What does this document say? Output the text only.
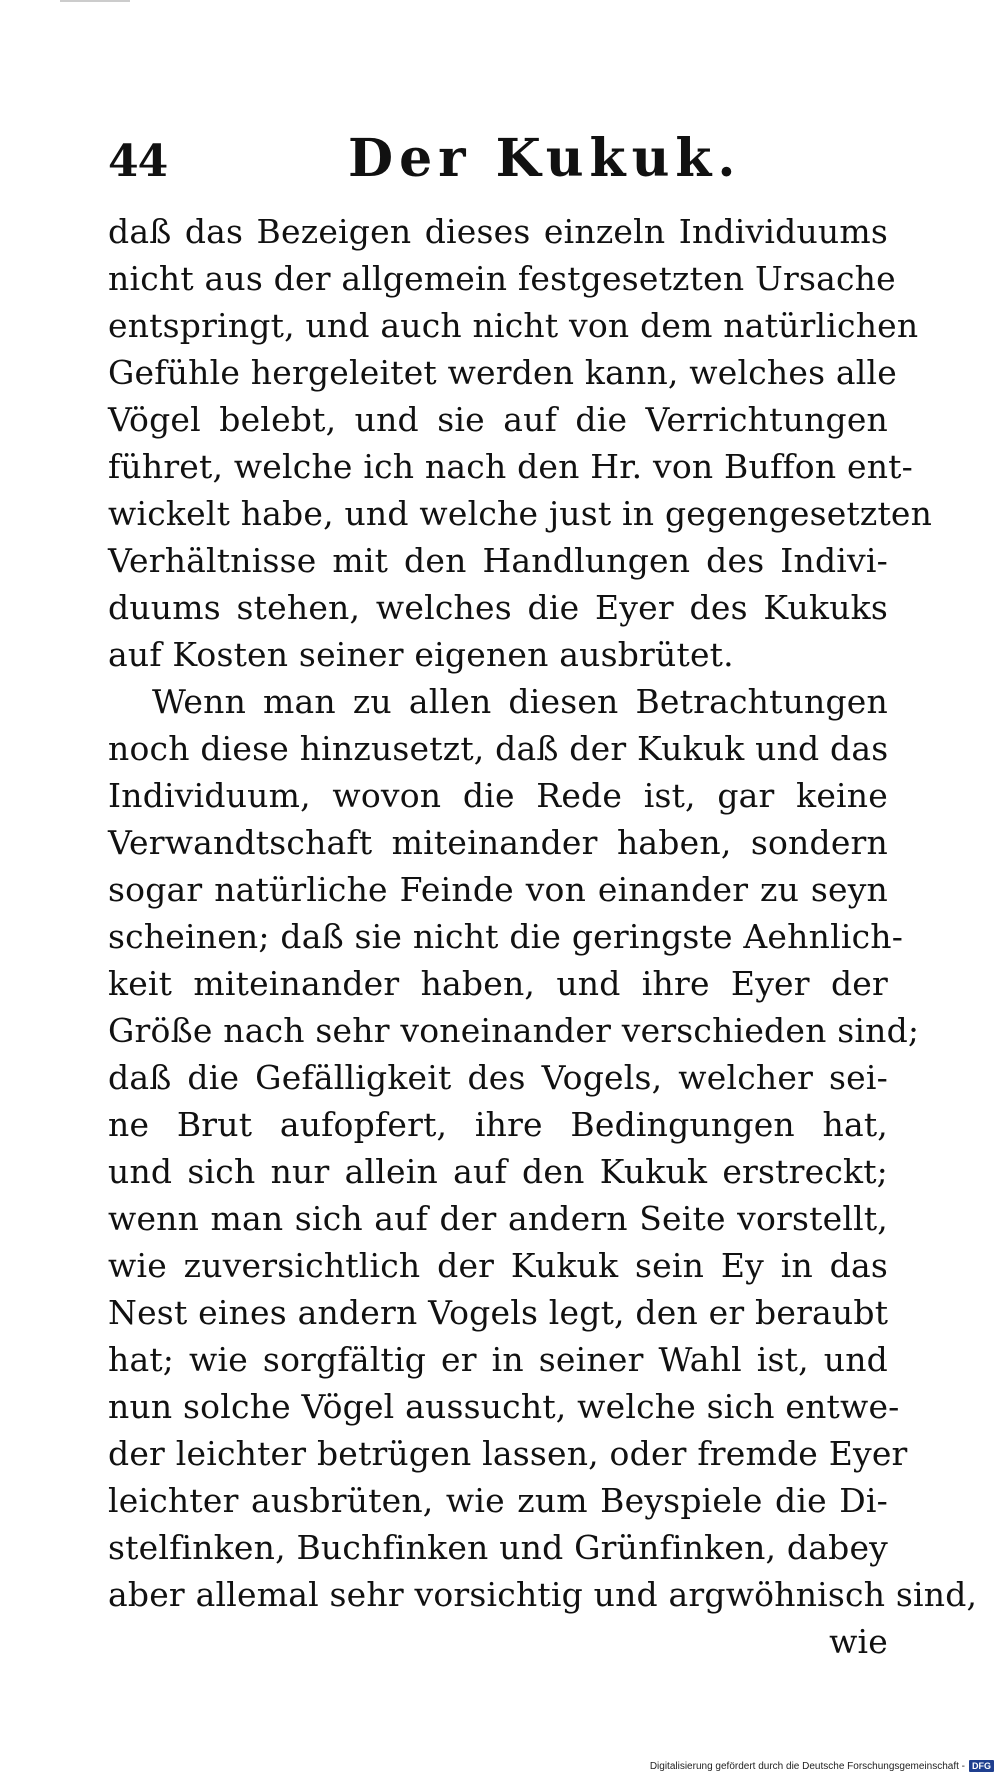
44	Der Kukuk.
daß das Bezeigen dieses einzeln Individuums
nicht aus der allgemein festgesetzten Ursache
entspringt, und auch nicht von dem natürlichen
Gefühle hergeleitet werden kann, welches alle
Vögel belebt, und sie auf die Verrichtungen
führet, welche ich nach den Hr. von Buffon ent-
wickelt habe, und welche just in gegengesetzten
Verhältnisse mit den Handlungen des Indivi-
duums stehen, welches die Eyer des Kukuks
auf Kosten seiner eigenen ausbrütet.
Wenn man zu allen diesen Betrachtungen
noch diese hinzusetzt, daß der Kukuk und das
Individuum, wovon die Rede ist, gar keine
Verwandtschaft miteinander haben, sondern
sogar natürliche Feinde von einander zu seyn
scheinen; daß sie nicht die geringste Aehnlich-
keit miteinander haben, und ihre Eyer der
Größe nach sehr voneinander verschieden sind;
daß die Gefälligkeit des Vogels, welcher sei-
ne Brut aufopfert, ihre Bedingungen hat,
und sich nur allein auf den Kukuk erstreckt;
wenn man sich auf der andern Seite vorstellt,
wie zuversichtlich der Kukuk sein Ey in das
Nest eines andern Vogels legt, den er beraubt
hat; wie sorgfältig er in seiner Wahl ist, und
nun solche Vögel aussucht, welche sich entwe-
der leichter betrügen lassen, oder fremde Eyer
leichter ausbrüten, wie zum Beyspiele die Di-
stelfinken, Buchfinken und Grünfinken, dabey
aber allemal sehr vorsichtig und argwöhnisch sind,
wie
Digitalisierung gefördert durch die Deutsche Forschungsgemeinschaft - DFG
